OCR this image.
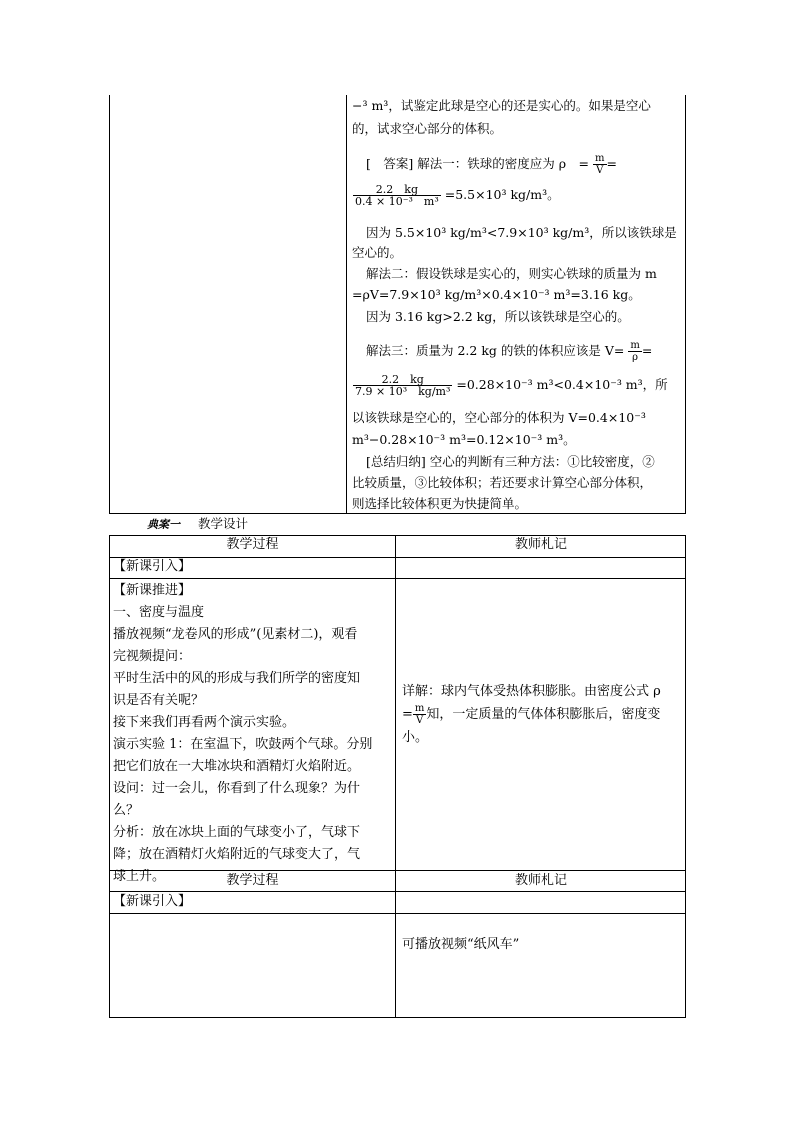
−³ m³，试鉴定此球是空心的还是实心的。如果是空心
的，试求空心部分的体积。
[　答案] 解法一：铁球的密度应为 ρ　= $\frac{m}{V}$ =
$\frac{2.2 kg}{\text{0.4 × 10⁻³　m³}} =5.5\times 10^3$ kg/m³。
因为 5.5×10³ kg/m³<7.9×10³ kg/m³，所以该铁球是
空心的。
解法二：假设铁球是实心的，则实心铁球的质量为 m
=ρV=7.9×10³ kg/m³×0.4×10⁻³ m³=3.16 kg。
因为 3.16 kg>2.2 kg，所以该铁球是空心的。
解法三：质量为 2.2 kg 的铁的体积应该是 $V= \frac{m}{\rho}$ =
$\frac{2.2 kg}{\text{7.9 × 10³　kg/m³}} =0.28\times 10^{-3}$ m³<0.4×10⁻³ m³，所
以该铁球是空心的，空心部分的体积为 V=0.4×10⁻³
m³−0.28×10⁻³ m³=0.12×10⁻³ m³。
[总结归纳] 空心的判断有三种方法：①比较密度，②
比较质量，③比较体积；若还要求计算空心部分体积，
则选择比较体积更为快捷简单。
典案一 教学设计
教学过程	教师札记
【新课引入】
【新课推进】
一、密度与温度
播放视频“龙卷风的形成”(见素材二)，观看
完视频提问：
平时生活中的风的形成与我们所学的密度知
识是否有关呢？
接下来我们再看两个演示实验。
演示实验 1：在室温下，吹鼓两个气球。分别
把它们放在一大堆冰块和酒精灯火焰附近。
设问：过一会儿，你看到了什么现象？为什
么？
分析：放在冰块上面的气球变小了，气球下
降；放在酒精灯火焰附近的气球变大了，气
球上升。
详解：球内气体受热体积膨胀。由密度公式 ρ
= $\frac{m}{V}$ 知，一定质量的气体体积膨胀后，密度变
小。
教学过程	教师札记
【新课引入】
可播放视频“纸风车”
